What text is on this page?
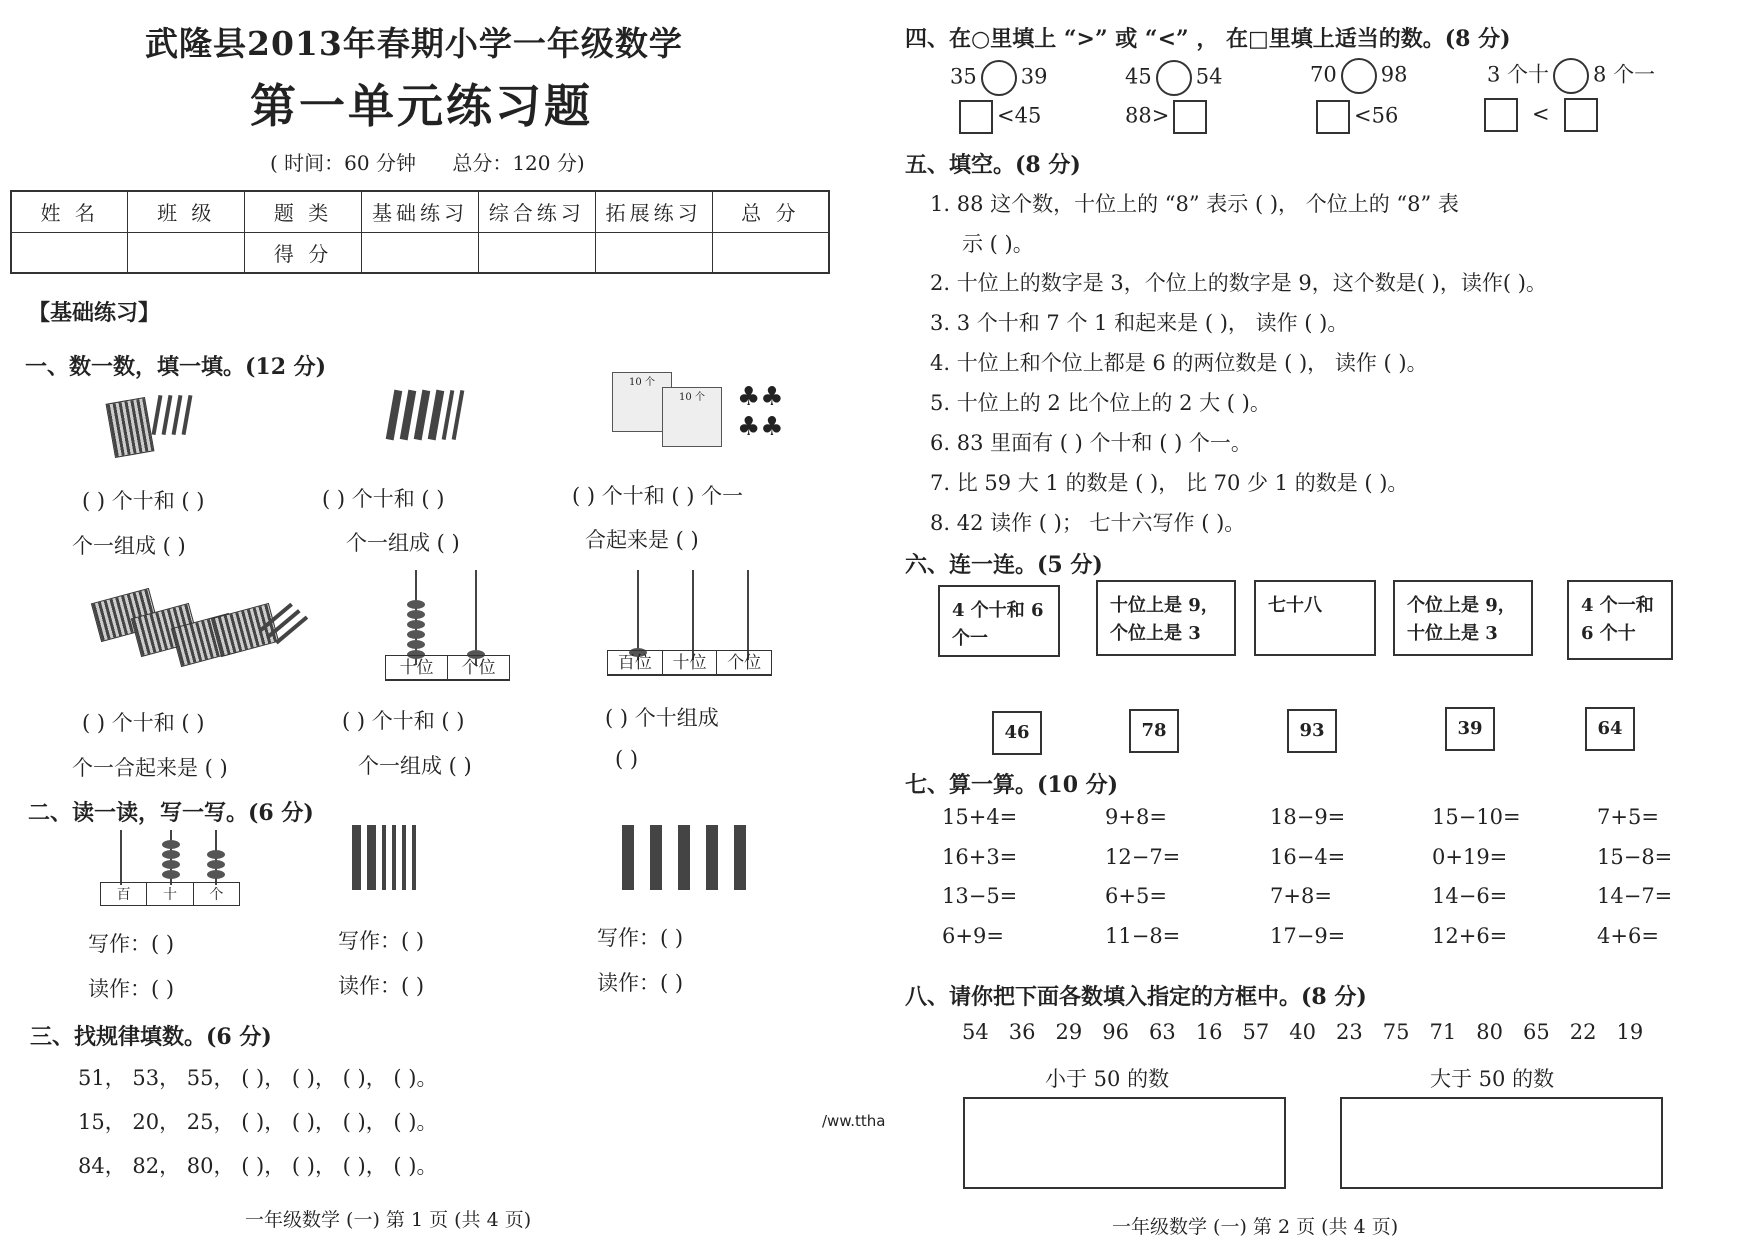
武隆县2013年春期小学一年级数学
第一单元练习题
( 时间：60 分钟 总分：120 分)
姓 名	班 级	题 类	基础练习	综合练习	拓展练习	总 分
		得 分				
【基础练习】
一、数一数，填一填。(12 分)
10 个
10 个	♣♣
♣♣
( ) 个十和 ( )
个一组成 ( )
( ) 个十和 ( )
个一组成 ( )
( ) 个十和 ( ) 个一
合起来是 ( )
十位	个位	百位	十位	个位
( ) 个十和 ( )
个一合起来是 ( )
( ) 个十和 ( )
个一组成 ( )
( ) 个十组成
( )
二、读一读，写一写。(6 分)
百	十	个
写作：( )
读作：( )
写作：( )
读作：( )
写作：( )
读作：( )
三、找规律填数。(6 分)
51， 53， 55， ( )， ( )， ( )， ( )。
15， 20， 25， ( )， ( )， ( )， ( )。
84， 82， 80， ( )， ( )， ( )， ( )。
一年级数学 (一) 第 1 页 (共 4 页)
/ww.ttha
四、在○里填上 “>” 或 “<” ， 在□里填上适当的数。(8 分)
35 39	45 54	70 98	3 个十 8 个一
<45	88>	<56	<
五、填空。(8 分)
1. 88 这个数，十位上的 “8” 表示 ( )， 个位上的 “8” 表
示 ( )。
2. 十位上的数字是 3，个位上的数字是 9，这个数是( )，读作( )。
3. 3 个十和 7 个 1 和起来是 ( )， 读作 ( )。
4. 十位上和个位上都是 6 的两位数是 ( )， 读作 ( )。
5. 十位上的 2 比个位上的 2 大 ( )。
6. 83 里面有 ( ) 个十和 ( ) 个一。
7. 比 59 大 1 的数是 ( )， 比 70 少 1 的数是 ( )。
8. 42 读作 ( )； 七十六写作 ( )。
六、连一连。(5 分)
4 个十和 6
个一
十位上是 9，
个位上是 3
七十八	个位上是 9，
十位上是 3
4 个一和
6 个十
46	78	93	39	64
七、算一算。(10 分)
15+4=	9+8=	18−9=	15−10=	7+5=
16+3=	12−7=	16−4=	0+19=	15−8=
13−5=	6+5=	7+8=	14−6=	14−7=
6+9=	11−8=	17−9=	12+6=	4+6=
八、请你把下面各数填入指定的方框中。(8 分)
54   36   29   96   63   16   57   40   23   75   71   80   65   22   19
小于 50 的数	大于 50 的数
一年级数学 (一) 第 2 页 (共 4 页)
